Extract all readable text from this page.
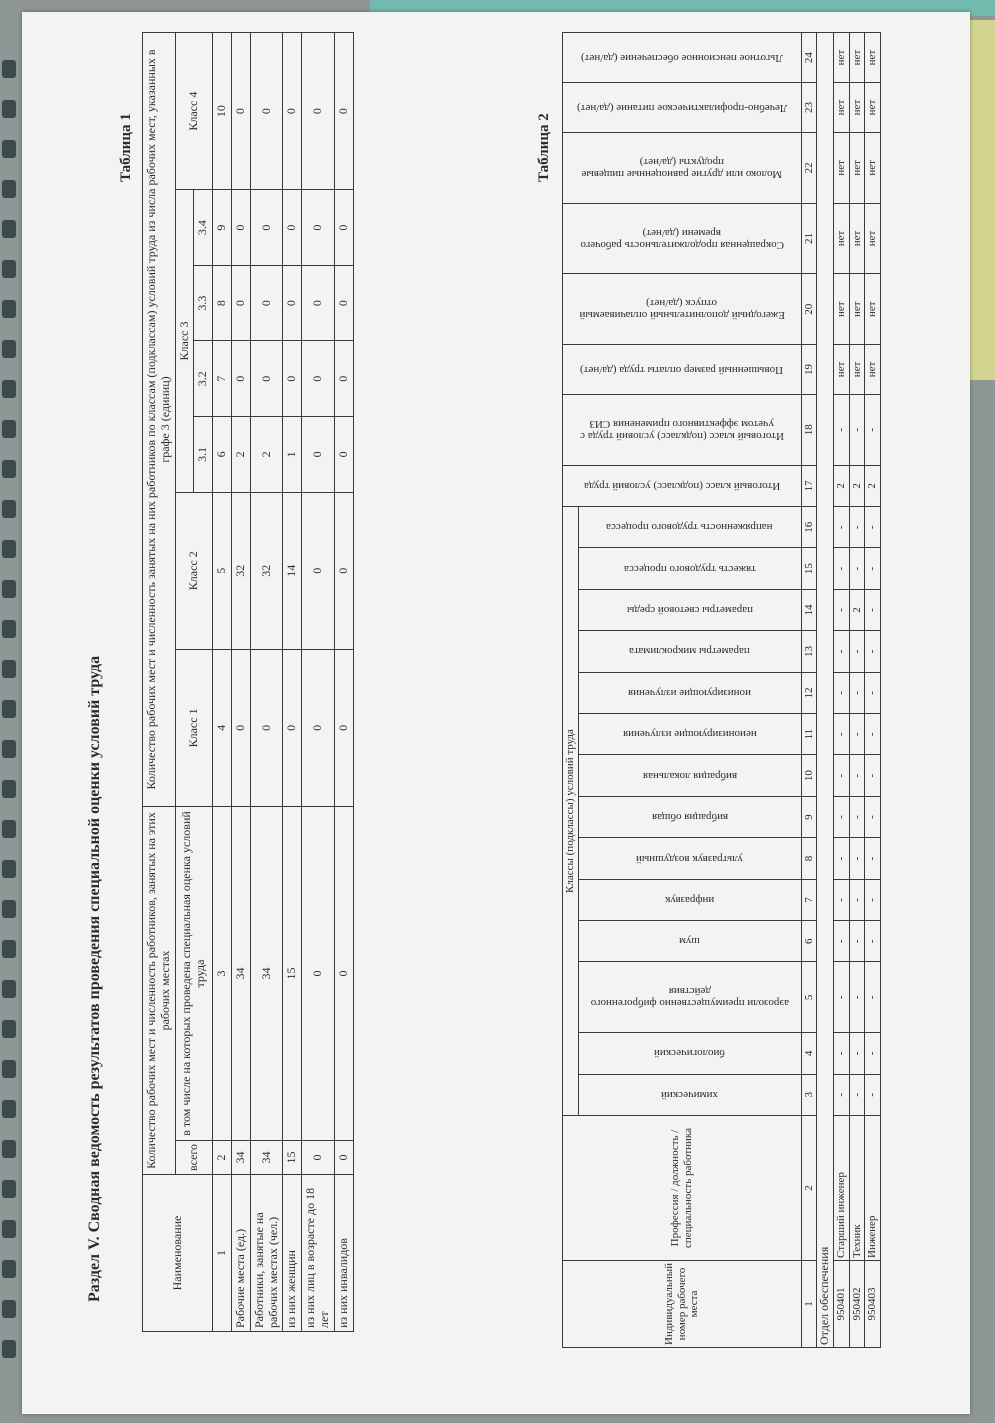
Раздел V. Сводная ведомость результатов проведения специальной оценки условий труда
Таблица 1
Наименование	Количество рабочих мест и численность работников, занятых на этих рабочих местах		Количество рабочих мест и численность занятых на них работников по классам (подклассам) условий труда из числа рабочих мест, указанных в графе 3 (единиц)						
	всего	в том числе на которых проведена специальная оценка условий труда	Класс 1	Класс 2	Класс 3				Класс 4
					3.1	3.2	3.3	3.4	
1	2	3	4	5	6	7	8	9	10
Рабочие места (ед.)	34	34	0	32	2	0	0	0	0
Работники, занятые на рабочих местах (чел.)	34	34	0	32	2	0	0	0	0
из них женщин	15	15	0	14	1	0	0	0	0
из них лиц в возрасте до 18 лет	0	0	0	0	0	0	0	0	0
из них инвалидов	0	0	0	0	0	0	0	0	0
Таблица 2
Индивидуальный номер рабочего места	Профессия / должность / специальность работника	Классы (подклассы) условий труда														Итоговый класс (подкласс) условий труда	Итоговый класс (подкласс) условий труда с учетом эффективного применения СИЗ	Повышенный размер оплаты труда (да/нет)	Ежегодный дополнительный оплачиваемый отпуск (да/нет)	Сокращенная продолжительность рабочего времени (да/нет)	Молоко или другие равноценные пищевые продукты (да/нет)	Лечебно-профилактическое питание (да/нет)	Льготное пенсионное обеспечение (да/нет)

		химический	биологический	аэрозоли преимущественно фиброгенного действия	шум	инфразвук	ультразвук воздушный	вибрация общая	вибрация локальная	неионизирующие излучения	ионизирующие излучения	параметры микроклимата	параметры световой среды	тяжесть трудового процесса	напряженность трудового процесса								

1	2	3	4	5	6	7	8	9	10	11	12	13	14	15	16	17	18	19	20	21	22	23	24
Отдел обеспечения																							
950401	Старший инженер	-	-	-	-	-	-	-	-	-	-	-	-	-	-	2	-	нет	нет	нет	нет	нет	нет
950402	Техник	-	-	-	-	-	-	-	-	-	-	-	2	-	-	2	-	нет	нет	нет	нет	нет	нет
950403	Инженер	-	-	-	-	-	-	-	-	-	-	-	-	-	-	2	-	нет	нет	нет	нет	нет	нет
